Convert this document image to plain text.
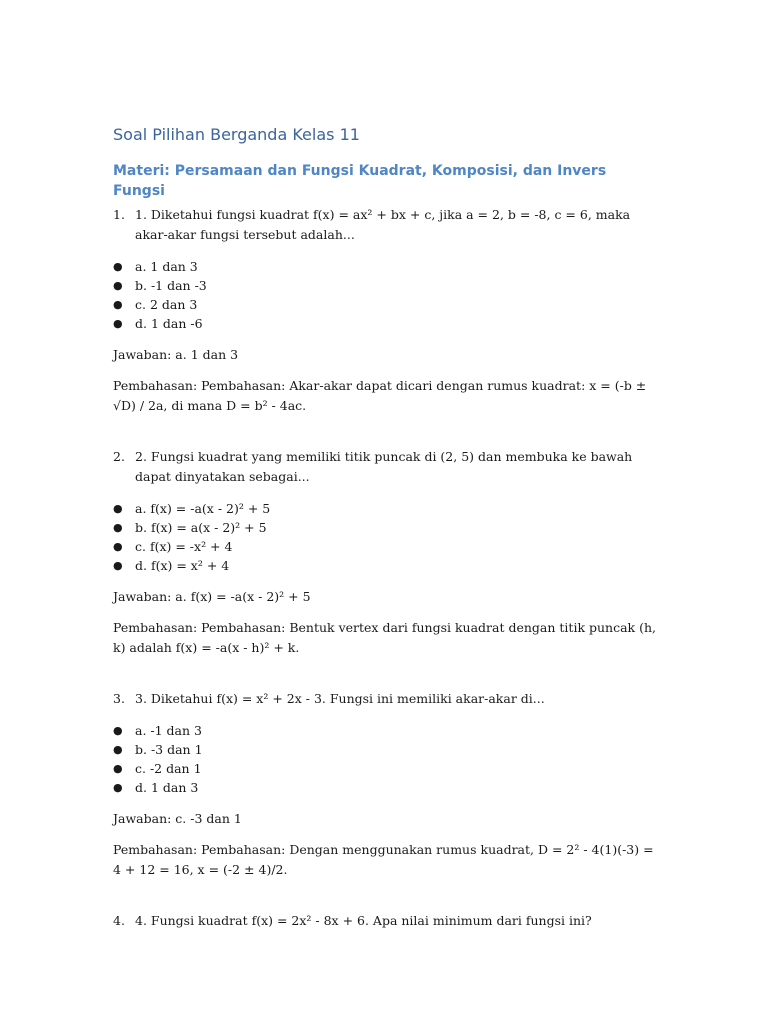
Soal Pilihan Berganda Kelas 11
Materi: Persamaan dan Fungsi Kuadrat, Komposisi, dan Invers Fungsi
1. 1. Diketahui fungsi kuadrat f(x) = ax² + bx + c, jika a = 2, b = -8, c = 6, maka akar-akar fungsi tersebut adalah...
● a. 1 dan 3
● b. -1 dan -3
● c. 2 dan 3
● d. 1 dan -6

Jawaban: a. 1 dan 3

Pembahasan: Pembahasan: Akar-akar dapat dicari dengan rumus kuadrat: x = (-b ± √D) / 2a, di mana D = b² - 4ac.

2. 2. Fungsi kuadrat yang memiliki titik puncak di (2, 5) dan membuka ke bawah dapat dinyatakan sebagai...
● a. f(x) = -a(x - 2)² + 5
● b. f(x) = a(x - 2)² + 5
● c. f(x) = -x² + 4
● d. f(x) = x² + 4

Jawaban: a. f(x) = -a(x - 2)² + 5

Pembahasan: Pembahasan: Bentuk vertex dari fungsi kuadrat dengan titik puncak (h, k) adalah f(x) = -a(x - h)² + k.

3. 3. Diketahui f(x) = x² + 2x - 3. Fungsi ini memiliki akar-akar di...
● a. -1 dan 3
● b. -3 dan 1
● c. -2 dan 1
● d. 1 dan 3

Jawaban: c. -3 dan 1

Pembahasan: Pembahasan: Dengan menggunakan rumus kuadrat, D = 2² - 4(1)(-3) = 4 + 12 = 16, x = (-2 ± 4)/2.

4. 4. Fungsi kuadrat f(x) = 2x² - 8x + 6. Apa nilai minimum dari fungsi ini?
